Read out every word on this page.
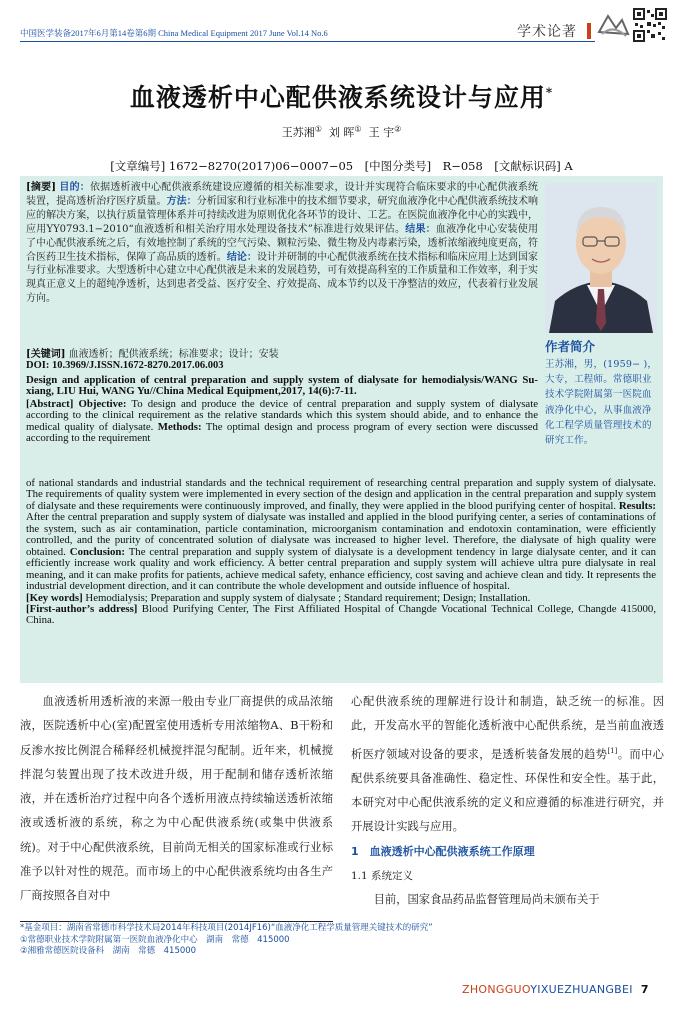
中国医学装备2017年6月第14卷第6期 China Medical Equipment 2017 June Vol.14 No.6	学术论著
血液透析中心配供液系统设计与应用*
王苏湘① 刘 晖① 王 宇②
[文章编号] 1672−8270(2017)06−0007−05　[中图分类号]　R−058　[文献标识码] A
[摘要] 目的：依据透析液中心配供液系统建设应遵循的相关标准要求，设计并实现符合临床要求的中心配供液系统装置，提高透析治疗医疗质量。方法：分析国家和行业标准中的技术细节要求，研究血液净化中心配供液系统技术响应的解决方案，以执行质量管理体系并可持续改进为原则优化各环节的设计、工艺。在医院血液净化中心的实践中，应用YY0793.1−2010“血液透析和相关治疗用水处理设备技术”标准进行效果评估。结果：血液净化中心安装使用了中心配供液系统之后，有效地控制了系统的空气污染、颗粒污染、微生物及内毒素污染，透析浓缩液纯度更高，符合医药卫生技术指标，保障了高品质的透析。结论：设计并研制的中心配供液系统在技术指标和临床应用上达到国家与行业标准要求。大型透析中心建立中心配供液是未来的发展趋势，可有效提高科室的工作质量和工作效率，利于实现真正意义上的超纯净透析，达到患者受益、医疗安全、疗效提高、成本节约以及干净整洁的效应，代表着行业发展方向。
[关键词] 血液透析；配供液系统；标准要求；设计；安装
DOI: 10.3969/J.ISSN.1672-8270.2017.06.003
Design and application of central preparation and supply system of dialysate for hemodialysis/WANG Su-xiang, LIU Hui, WANG Yu//China Medical Equipment,2017, 14(6):7-11.
[Abstract] Objective: To design and produce the device of central preparation and supply system of dialysate according to the clinical requirement as the relative standards which this system should abide, and to enhance the medical quality of dialysate. Methods: The optimal design and process program of every section were discussed according to the requirement
of national standards and industrial standards and the technical requirement of researching central preparation and supply system of dialysate. The requirements of quality system were implemented in every section of the design and application in the central preparation and supply system of dialysate and these requirements were continuously improved, and finally, they were applied in the blood purifying center of hospital. Results: After the central preparation and supply system of dialysate was installed and applied in the blood purifying center, a series of contaminations of the system, such as air contamination, particle contamination, microorganism contamination and endotoxin contamination, were efficiently controlled, and the purity of concentrated solution of dialysate was increased to higher level. Therefore, the dialysate of high quality were obtained. Conclusion: The central preparation and supply system of dialysate is a development tendency in large dialysate center, and it can efficiently increase work quality and work efficiency. A better central preparation and supply system will achieve ultra pure dialysate in real meaning, and it can make profits for patients, achieve medical safety, enhance efficiency, cost saving and achieve clean and tidy. It represents the industrial development direction, and it can contribute the whole development and outside influence of hospital.
[Key words] Hemodialysis; Preparation and supply system of dialysate ; Standard requirement; Design; Installation.
[First-author’s address] Blood Purifying Center, The First Affiliated Hospital of Changde Vocational Technical College, Changde 415000, China.
作者简介
王苏湘，男，(1959− )，大专，工程师。常德职业技术学院附属第一医院血液净化中心，从事血液净化工程学质量管理技术的研究工作。
血液透析用透析液的来源一般由专业厂商提供的成品浓缩液，医院透析中心(室)配置室使用透析专用浓缩物A、B干粉和反渗水按比例混合稀释经机械搅拌混匀配制。近年来，机械搅拌混匀装置出现了技术改进升级，用于配制和储存透析浓缩液，并在透析治疗过程中向各个透析用液点持续输送透析浓缩液或透析液的系统，称之为中心配供液系统(或集中供液系统)。对于中心配供液系统，目前尚无相关的国家标准或行业标准予以针对性的规范。而市场上的中心配供液系统均由各生产厂商按照各自对中
心配供液系统的理解进行设计和制造，缺乏统一的标准。因此，开发高水平的智能化透析液中心配供系统，是当前血液透析医疗领域对设备的要求，是透析装备发展的趋势[1]。而中心配供系统要具备准确性、稳定性、环保性和安全性。基于此，本研究对中心配供液系统的定义和应遵循的标准进行研究，并开展设计实践与应用。
1　血液透析中心配供液系统工作原理
1.1 系统定义
目前，国家食品药品监督管理局尚未颁布关于
*基金项目：湖南省常德市科学技术局2014年科技项目(2014JF16)“血液净化工程学质量管理关键技术的研究”
①常德职业技术学院附属第一医院血液净化中心　湖南　常德　415000
②湘雅常德医院设备科　湖南　常德　415000
ZHONGGUOYIXUEZHUANGBEI 7
